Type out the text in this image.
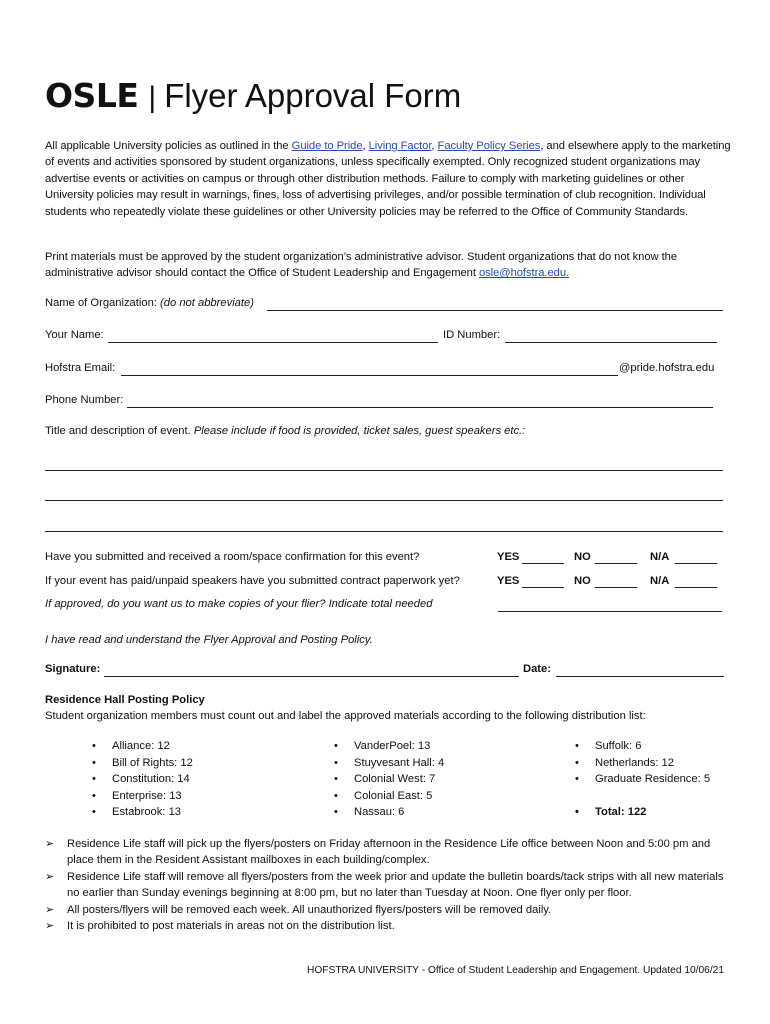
OSLE | Flyer Approval Form
All applicable University policies as outlined in the Guide to Pride, Living Factor, Faculty Policy Series, and elsewhere apply to the marketing of events and activities sponsored by student organizations, unless specifically exempted. Only recognized student organizations may advertise events or activities on campus or through other distribution methods. Failure to comply with marketing guidelines or other University policies may result in warnings, fines, loss of advertising privileges, and/or possible termination of club recognition. Individual students who repeatedly violate these guidelines or other University policies may be referred to the Office of Community Standards.
Print materials must be approved by the student organization’s administrative advisor. Student organizations that do not know the administrative advisor should contact the Office of Student Leadership and Engagement osle@hofstra.edu.
Name of Organization: (do not abbreviate)
Your Name:	ID Number:
Hofstra Email:	@pride.hofstra.edu
Phone Number:
Title and description of event. Please include if food is provided, ticket sales, guest speakers etc.:
Have you submitted and received a room/space confirmation for this event?	YES	NO	N/A
If your event has paid/unpaid speakers have you submitted contract paperwork yet?	YES	NO	N/A
If approved, do you want us to make copies of your flier? Indicate total needed
I have read and understand the Flyer Approval and Posting Policy.
Signature:	Date:
Residence Hall Posting Policy
Student organization members must count out and label the approved materials according to the following distribution list:
• Alliance: 12
• Bill of Rights: 12
• Constitution: 14
• Enterprise: 13
• Estabrook: 13
• VanderPoel: 13
• Stuyvesant Hall: 4
• Colonial West: 7
• Colonial East: 5
• Nassau: 6
• Suffolk: 6
• Netherlands: 12
• Graduate Residence: 5
• Total: 122
➢ Residence Life staff will pick up the flyers/posters on Friday afternoon in the Residence Life office between Noon and 5:00 pm and place them in the Resident Assistant mailboxes in each building/complex.
➢ Residence Life staff will remove all flyers/posters from the week prior and update the bulletin boards/tack strips with all new materials no earlier than Sunday evenings beginning at 8:00 pm, but no later than Tuesday at Noon. One flyer only per floor.
➢ All posters/flyers will be removed each week. All unauthorized flyers/posters will be removed daily.
➢ It is prohibited to post materials in areas not on the distribution list.
HOFSTRA UNIVERSITY - Office of Student Leadership and Engagement. Updated 10/06/21
